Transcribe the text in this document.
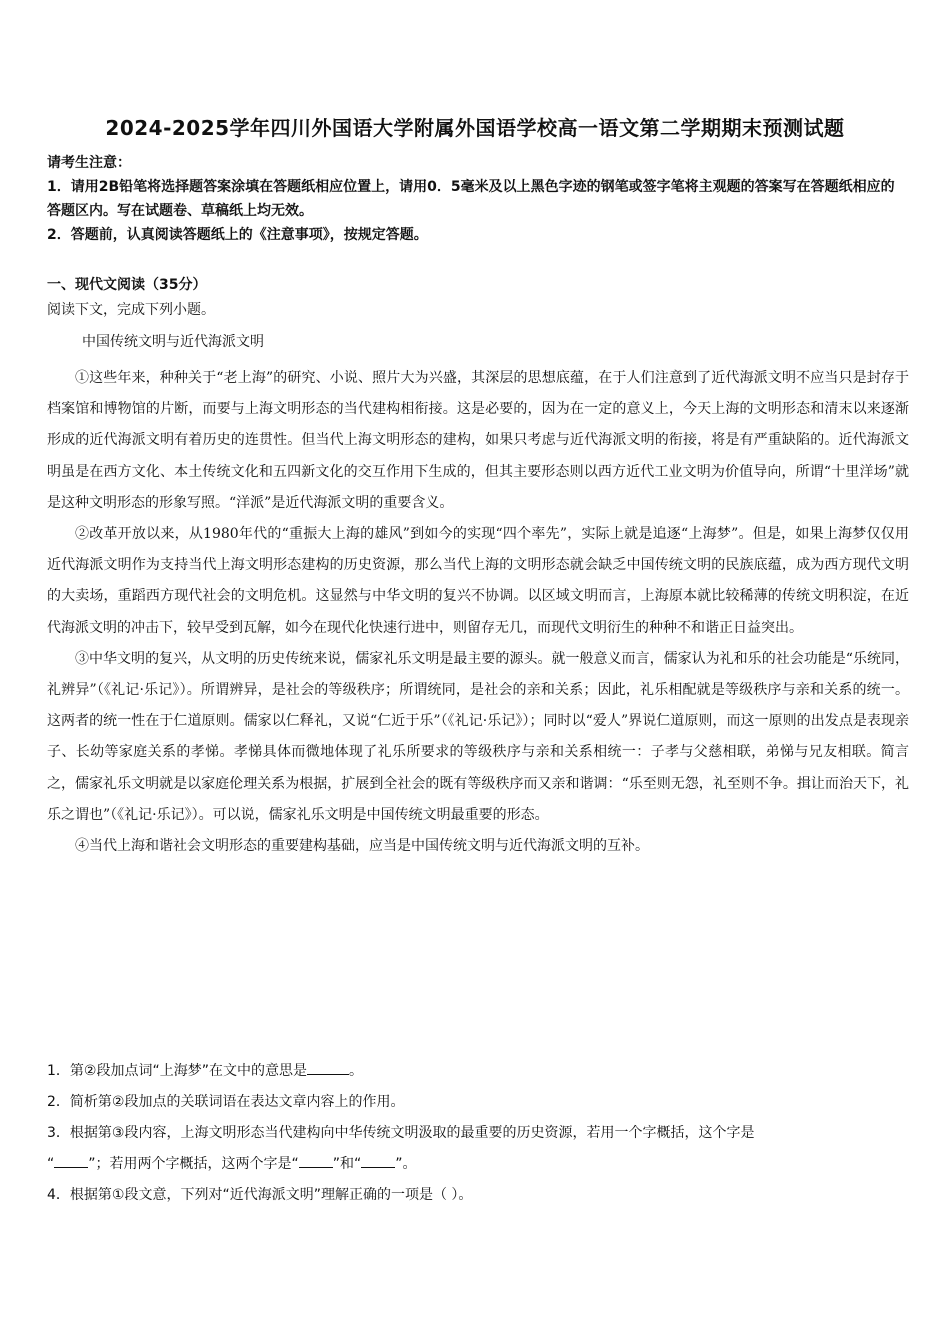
2024-2025学年四川外国语大学附属外国语学校高一语文第二学期期末预测试题
请考生注意：
1．请用2B铅笔将选择题答案涂填在答题纸相应位置上，请用0．5毫米及以上黑色字迹的钢笔或签字笔将主观题的答案写在答题纸相应的答题区内。写在试题卷、草稿纸上均无效。
2．答题前，认真阅读答题纸上的《注意事项》，按规定答题。
一、现代文阅读（35分）
阅读下文，完成下列小题。
中国传统文明与近代海派文明

①这些年来，种种关于“老上海”的研究、小说、照片大为兴盛，其深层的思想底蕴，在于人们注意到了近代海派文明不应当只是封存于档案馆和博物馆的片断，而要与上海文明形态的当代建构相衔接。这是必要的，因为在一定的意义上，今天上海的文明形态和清末以来逐渐形成的近代海派文明有着历史的连贯性。但当代上海文明形态的建构，如果只考虑与近代海派文明的衔接，将是有严重缺陷的。近代海派文明虽是在西方文化、本土传统文化和五四新文化的交互作用下生成的，但其主要形态则以西方近代工业文明为价值导向，所谓“十里洋场”就是这种文明形态的形象写照。“洋派”是近代海派文明的重要含义。

②改革开放以来，从1980年代的“重振大上海的雄风”到如今的实现“四个率先”，实际上就是追逐“上海梦”。但是，如果上海梦仅仅用近代海派文明作为支持当代上海文明形态建构的历史资源，那么当代上海的文明形态就会缺乏中国传统文明的民族底蕴，成为西方现代文明的大卖场，重蹈西方现代社会的文明危机。这显然与中华文明的复兴不协调。以区域文明而言，上海原本就比较稀薄的传统文明积淀，在近代海派文明的冲击下，较早受到瓦解，如今在现代化快速行进中，则留存无几，而现代文明衍生的种种不和谐正日益突出。

③中华文明的复兴，从文明的历史传统来说，儒家礼乐文明是最主要的源头。就一般意义而言，儒家认为礼和乐的社会功能是“乐统同，礼辨异”（《礼记·乐记》）。所谓辨异，是社会的等级秩序；所谓统同，是社会的亲和关系；因此，礼乐相配就是等级秩序与亲和关系的统一。这两者的统一性在于仁道原则。儒家以仁释礼，又说“仁近于乐”（《礼记·乐记》）；同时以“爱人”界说仁道原则，而这一原则的出发点是表现亲子、长幼等家庭关系的孝悌。孝悌具体而微地体现了礼乐所要求的等级秩序与亲和关系相统一：子孝与父慈相联，弟悌与兄友相联。简言之，儒家礼乐文明就是以家庭伦理关系为根据，扩展到全社会的既有等级秩序而又亲和谐调：“乐至则无怨，礼至则不争。揖让而治天下，礼乐之谓也”（《礼记·乐记》）。可以说，儒家礼乐文明是中国传统文明最重要的形态。

④当代上海和谐社会文明形态的重要建构基础，应当是中国传统文明与近代海派文明的互补。

1．第②段加点词“上海梦”在文中的意思是	。

2．简析第②段加点的关联词语在表达文章内容上的作用。

3．根据第③段内容，上海文明形态当代建构向中华传统文明汲取的最重要的历史资源，若用一个字概括，这个字是
“ ”；若用两个字概括，这两个字是“ ”和“ ”。

4．根据第①段文意，下列对“近代海派文明”理解正确的一项是（ ）。
